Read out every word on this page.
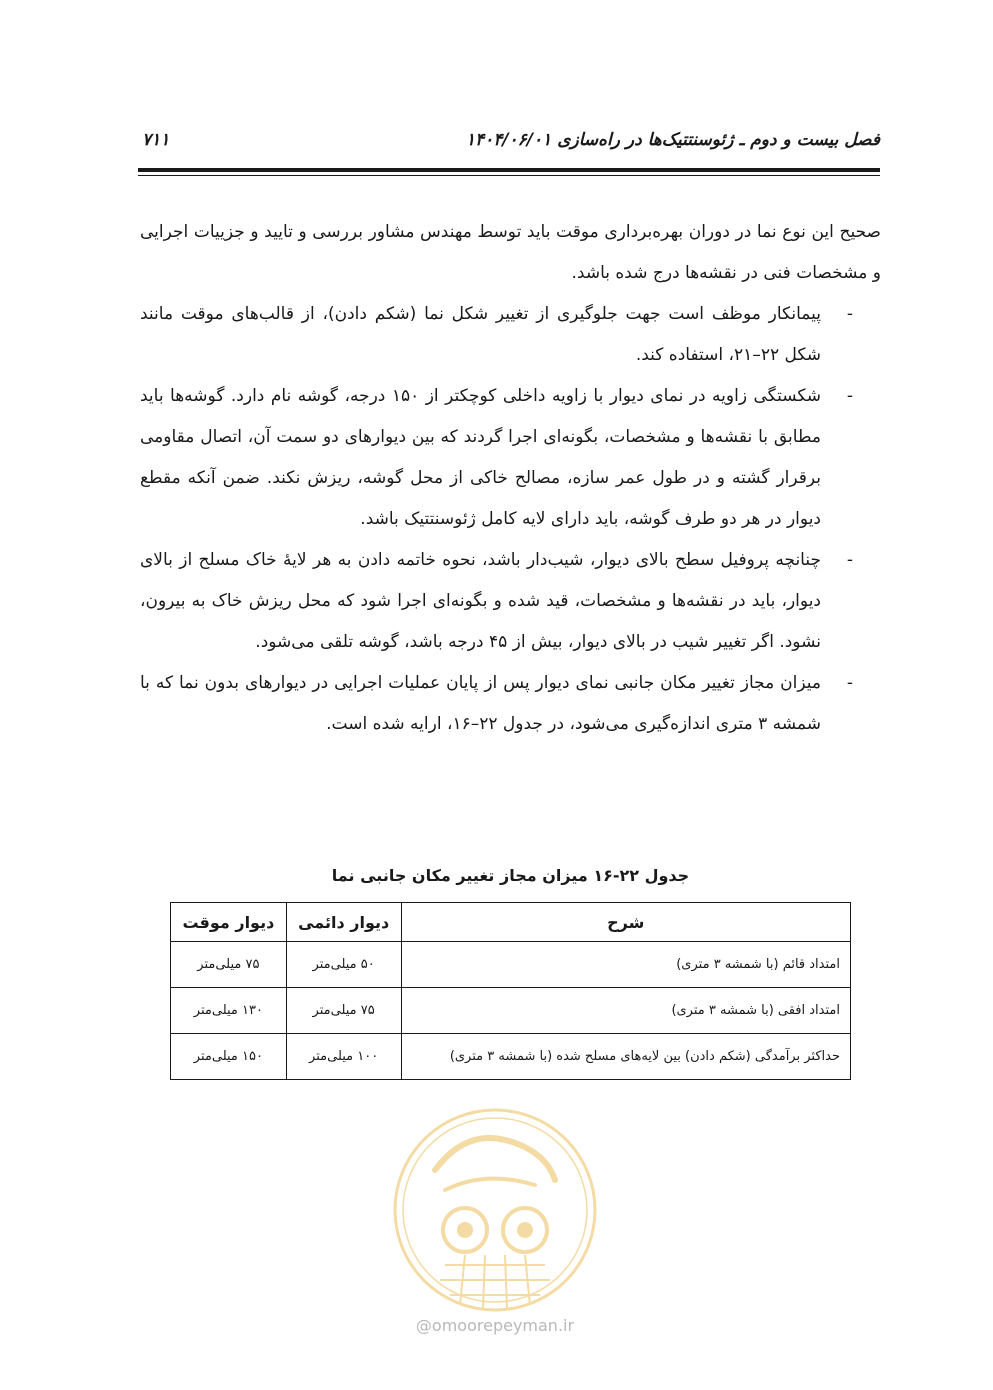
فصل بیست و دوم ـ ژئوسنتتیک‌ها در راه‌سازی ۱۴۰۴/۰۶/۰۱
۷۱۱

صحیح این نوع نما در دوران بهره‌برداری موقت باید توسط مهندس مشاور بررسی و تایید و جزییات اجرایی و مشخصات فنی در نقشه‌ها درج شده باشد.

-
پیمانکار موظف است جهت جلوگیری از تغییر شکل نما (شکم دادن)، از قالب‌های موقت مانند شکل ۲۲–۲۱، استفاده کند.

-
شکستگی زاویه در نمای دیوار با زاویه داخلی کوچکتر از ۱۵۰ درجه، گوشه نام دارد. گوشه‌ها باید مطابق با نقشه‌ها و مشخصات، بگونه‌ای اجرا گردند که بین دیوارهای دو سمت آن، اتصال مقاومی برقرار گشته و در طول عمر سازه، مصالح خاکی از محل گوشه، ریزش نکند. ضمن آنکه مقطع دیوار در هر دو طرف گوشه، باید دارای لایه کامل ژئوسنتتیک باشد.

-
چنانچه پروفیل سطح بالای دیوار، شیب‌دار باشد، نحوه خاتمه دادن به هر لایهٔ خاک مسلح از بالای دیوار، باید در نقشه‌ها و مشخصات، قید شده و بگونه‌ای اجرا شود که محل ریزش خاک به بیرون، نشود. اگر تغییر شیب در بالای دیوار، بیش از ۴۵ درجه باشد، گوشه تلقی می‌شود.

-
میزان مجاز تغییر مکان جانبی نمای دیوار پس از پایان عملیات اجرایی در دیوارهای بدون نما که با شمشه ۳ متری اندازه‌گیری می‌شود، در جدول ۲۲–۱۶، ارایه شده است.

جدول ۲۲-۱۶ میزان مجاز تغییر مکان جانبی نما
شرح	دیوار دائمی	دیوار موقت
امتداد قائم (با شمشه ۳ متری)	۵۰ میلی‌متر	۷۵ میلی‌متر
امتداد افقی (با شمشه ۳ متری)	۷۵ میلی‌متر	۱۳۰ میلی‌متر
حداکثر برآمدگی (شکم دادن) بین لایه‌های مسلح شده (با شمشه ۳ متری)	۱۰۰ میلی‌متر	۱۵۰ میلی‌متر
@omoorepeyman.ir
